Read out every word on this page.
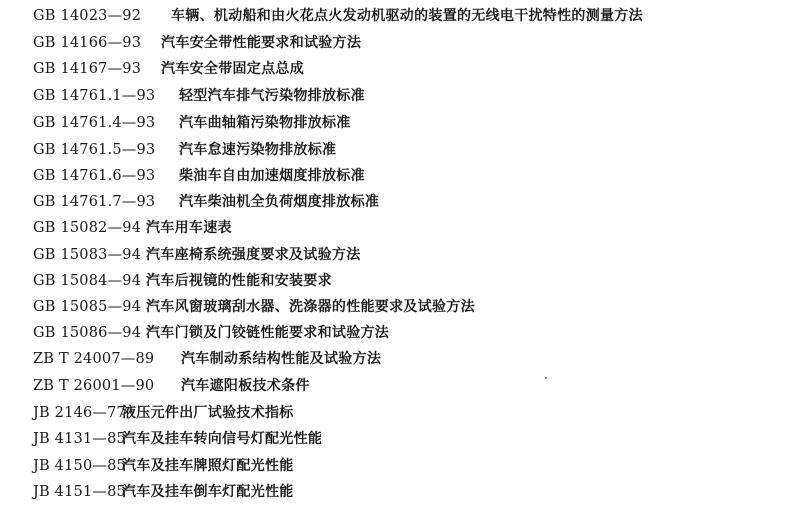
GB 14023—92 车辆、机动船和由火花点火发动机驱动的装置的无线电干扰特性的测量方法
GB 14166—93 汽车安全带性能要求和试验方法
GB 14167—93 汽车安全带固定点总成
GB 14761.1—93 轻型汽车排气污染物排放标准
GB 14761.4—93 汽车曲轴箱污染物排放标准
GB 14761.5—93 汽车怠速污染物排放标准
GB 14761.6—93 柴油车自由加速烟度排放标准
GB 14761.7—93 汽车柴油机全负荷烟度排放标准
GB 15082—94 汽车用车速表
GB 15083—94 汽车座椅系统强度要求及试验方法
GB 15084—94 汽车后视镜的性能和安装要求
GB 15085—94 汽车风窗玻璃刮水器、洗涤器的性能要求及试验方法
GB 15086—94 汽车门锁及门铰链性能要求和试验方法
ZB T 24007—89 汽车制动系结构性能及试验方法
ZB T 26001—90 汽车遮阳板技术条件
JB 2146—77
液压元件出厂试验技术指标
JB 4131—85
汽车及挂车转向信号灯配光性能
JB 4150—85
汽车及挂车牌照灯配光性能
JB 4151—85
汽车及挂车倒车灯配光性能
